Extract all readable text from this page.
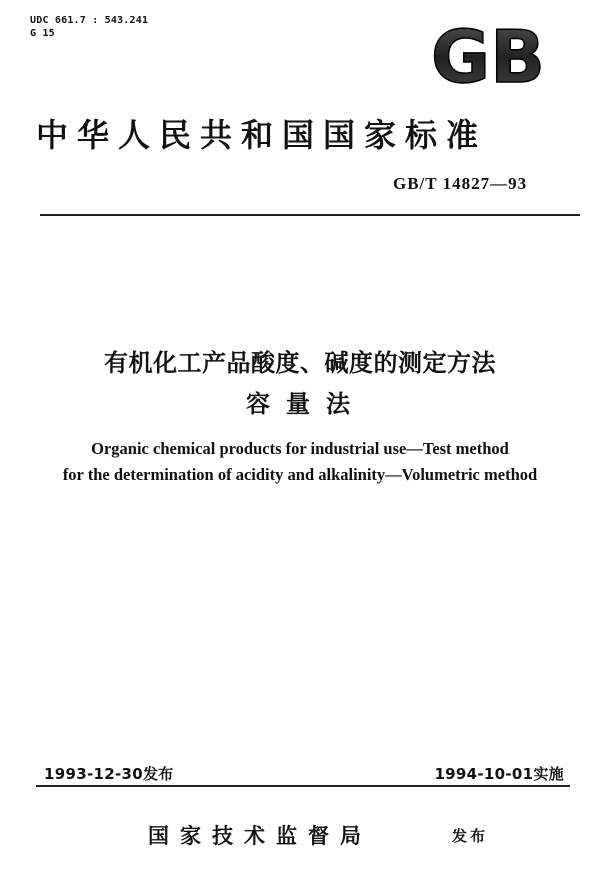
UDC 661.7 : 543.241
G 15	GB
中华人民共和国国家标准
GB/T 14827—93
有机化工产品酸度、碱度的测定方法
容量法
Organic chemical products for industrial use—Test method
for the determination of acidity and alkalinity—Volumetric method
1993-12-30发布	1994-10-01实施
国家技术监督局	发布
